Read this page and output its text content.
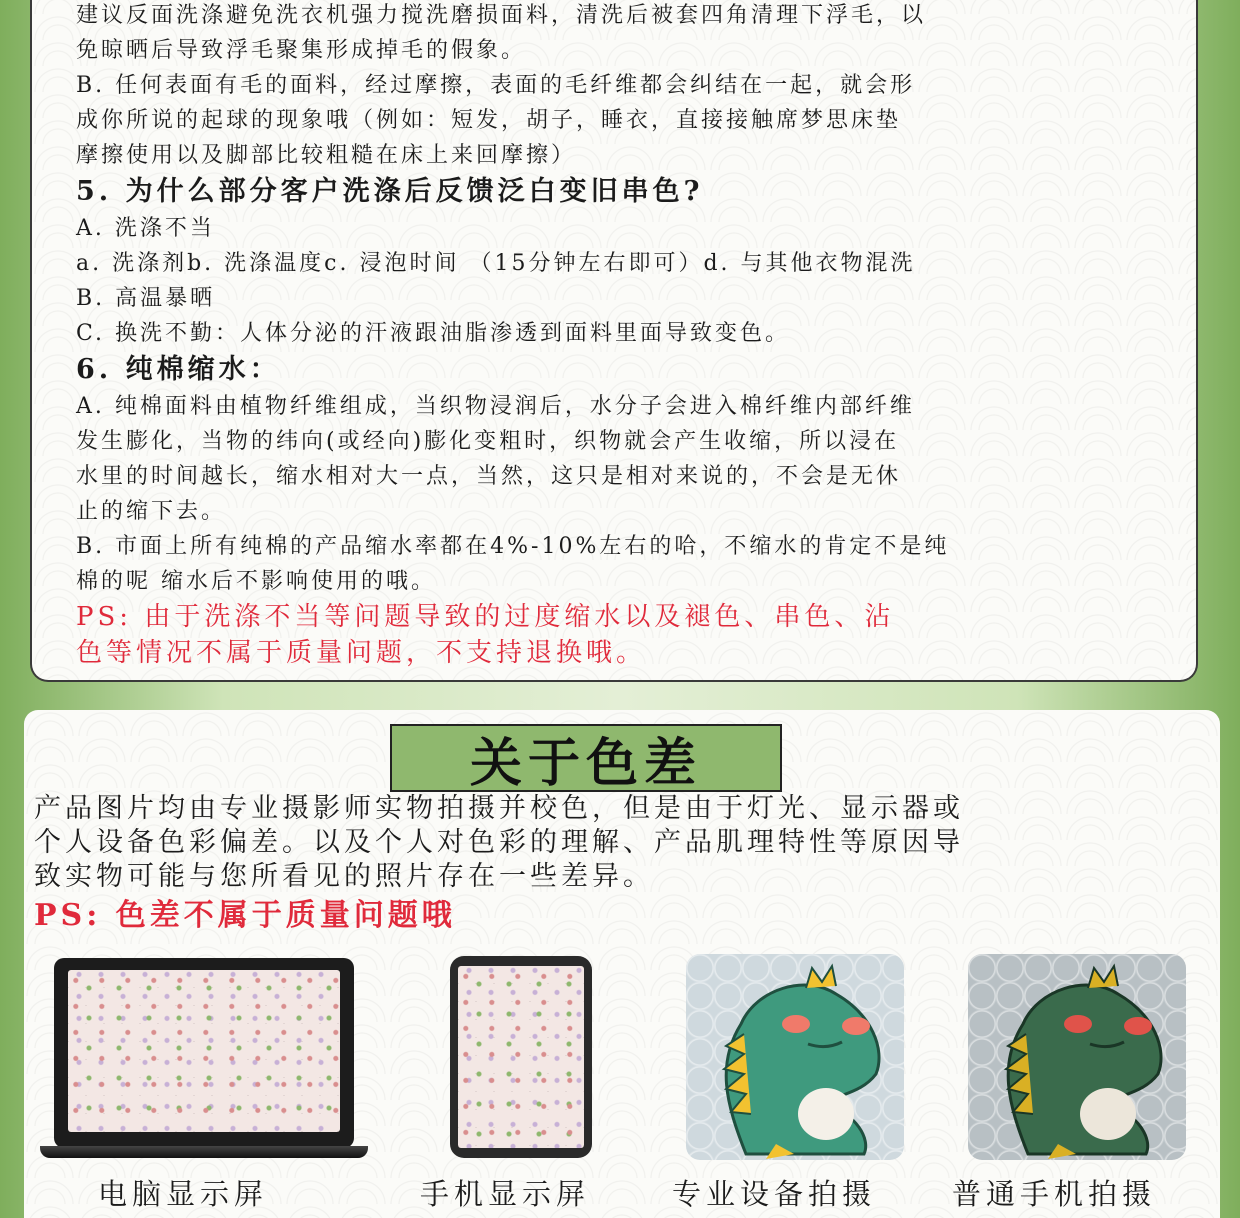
建议反面洗涤避免洗衣机强力搅洗磨损面料，清洗后被套四角清理下浮毛，以
免晾晒后导致浮毛聚集形成掉毛的假象。
B. 任何表面有毛的面料，经过摩擦，表面的毛纤维都会纠结在一起，就会形
成你所说的起球的现象哦（例如：短发，胡子，睡衣，直接接触席梦思床垫
摩擦使用以及脚部比较粗糙在床上来回摩擦）
5. 为什么部分客户洗涤后反馈泛白变旧串色?
A. 洗涤不当
a. 洗涤剂b. 洗涤温度c. 浸泡时间 （15分钟左右即可）d. 与其他衣物混洗
B. 高温暴晒
C. 换洗不勤：人体分泌的汗液跟油脂渗透到面料里面导致变色。
6. 纯棉缩水：
A. 纯棉面料由植物纤维组成，当织物浸润后，水分子会进入棉纤维内部纤维
发生膨化，当物的纬向(或经向)膨化变粗时，织物就会产生收缩，所以浸在
水里的时间越长，缩水相对大一点，当然，这只是相对来说的，不会是无休
止的缩下去。
B. 市面上所有纯棉的产品缩水率都在4%-10%左右的哈，不缩水的肯定不是纯
棉的呢 缩水后不影响使用的哦。
PS: 由于洗涤不当等问题导致的过度缩水以及褪色、串色、沾
色等情况不属于质量问题，不支持退换哦。
关于色差
产品图片均由专业摄影师实物拍摄并校色，但是由于灯光、显示器或
个人设备色彩偏差。以及个人对色彩的理解、产品肌理特性等原因导
致实物可能与您所看见的照片存在一些差异。
PS: 色差不属于质量问题哦
电脑显示屏	手机显示屏	专业设备拍摄	普通手机拍摄
